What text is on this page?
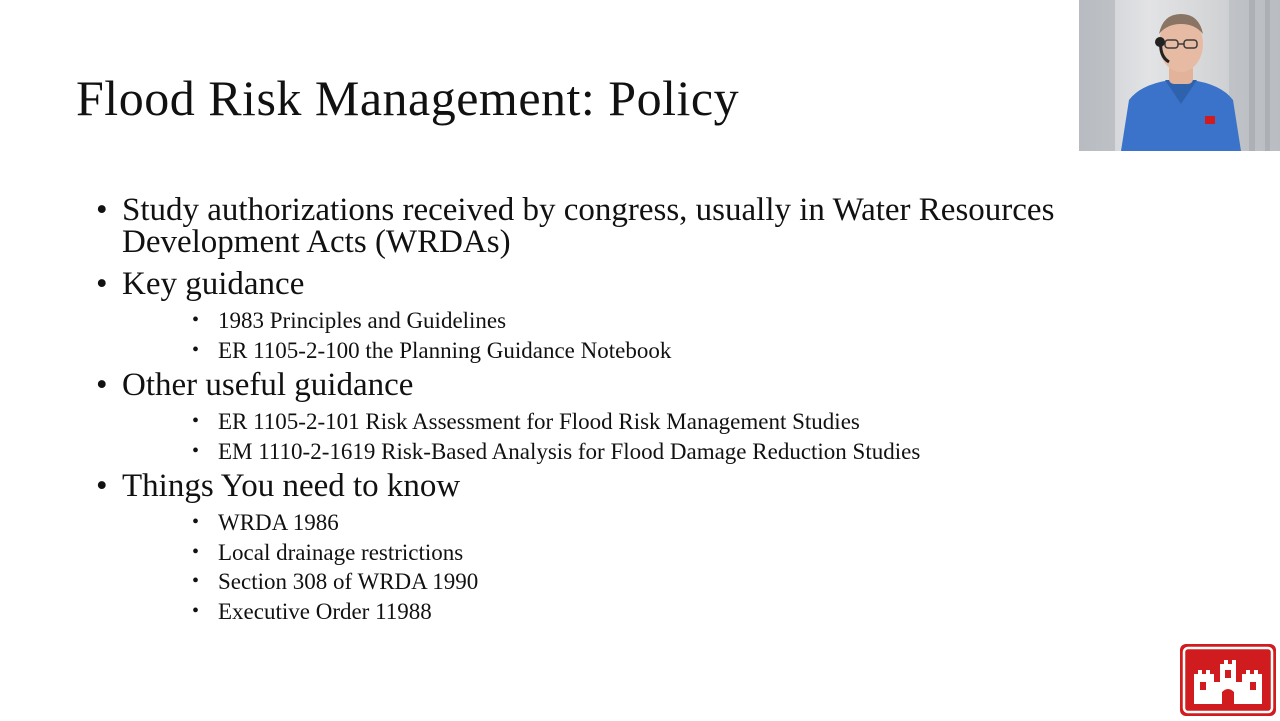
Flood Risk Management: Policy
• Study authorizations received by congress, usually in Water Resources Development Acts (WRDAs)
• Key guidance
• 1983 Principles and Guidelines
• ER 1105-2-100 the Planning Guidance Notebook
• Other useful guidance
• ER 1105-2-101 Risk Assessment for Flood Risk Management Studies
• EM 1110-2-1619 Risk-Based Analysis for Flood Damage Reduction Studies
• Things You need to know
• WRDA 1986
• Local drainage restrictions
• Section 308 of WRDA 1990
• Executive Order 11988
